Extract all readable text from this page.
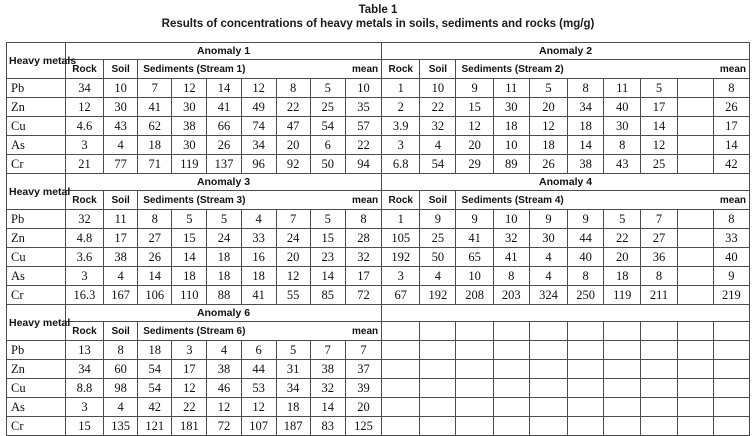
Table 1
Results of concentrations of heavy metals in soils, sediments and rocks (mg/g)
Heavy metals	Anomaly 1									Anomaly 2									
	Rock	Soil	Sediments (Stream 1)						mean	Rock	Soil	Sediments (Stream 2)							mean
Pb	34	10	7	12	14	12	8	5	10	1	10	9	11	5	8	11	5		8
Zn	12	30	41	30	41	49	22	25	35	2	22	15	30	20	34	40	17		26
Cu	4.6	43	62	38	66	74	47	54	57	3.9	32	12	18	12	18	30	14		17
As	3	4	18	30	26	34	20	6	22	3	4	20	10	18	14	8	12		14
Cr	21	77	71	119	137	96	92	50	94	6.8	54	29	89	26	38	43	25		42
Heavy metal	Anomaly 3									Anomaly 4									
	Rock	Soil	Sediments (Stream 3)						mean	Rock	Soil	Sediments (Stream 4)							mean
Pb	32	11	8	5	5	4	7	5	8	1	9	9	10	9	9	5	7		8
Zn	4.8	17	27	15	24	33	24	15	28	105	25	41	32	30	44	22	27		33
Cu	3.6	38	26	14	18	16	20	23	32	192	50	65	41	4	40	20	36		40
As	3	4	14	18	18	18	12	14	17	3	4	10	8	4	8	18	8		9
Cr	16.3	167	106	110	88	41	55	85	72	67	192	208	203	324	250	119	211		219
Heavy metal	Anomaly 6																		
	Rock	Soil	Sediments (Stream 6)						mean										
Pb	13	8	18	3	4	6	5	7	7										
Zn	34	60	54	17	38	44	31	38	37										
Cu	8.8	98	54	12	46	53	34	32	39										
As	3	4	42	22	12	12	18	14	20										
Cr	15	135	121	181	72	107	187	83	125										
